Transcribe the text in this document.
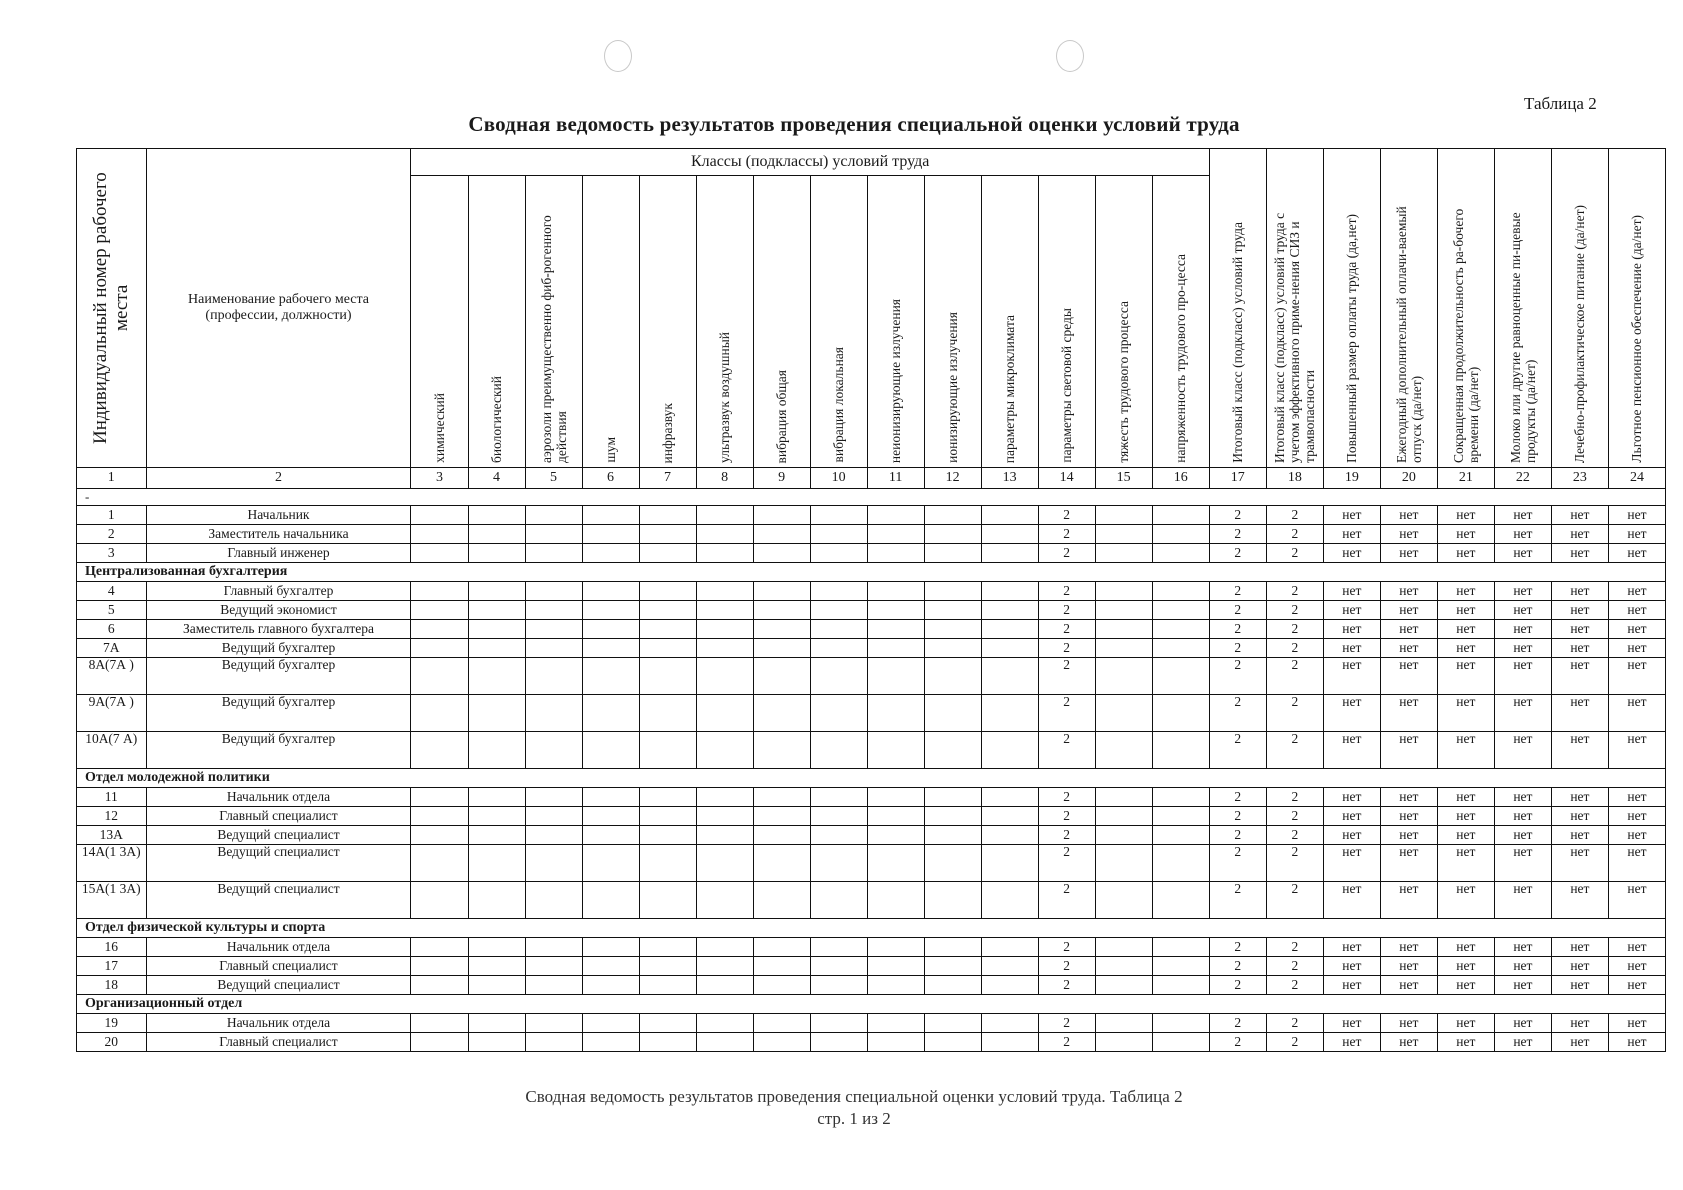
Таблица 2
Сводная ведомость результатов проведения специальной оценки условий труда
Индивидуальный номер рабочего места	Наименование рабочего места (профессии, должности)	Классы (подклассы) условий труда														Итоговый класс (подкласс) условий труда	Итоговый класс (подкласс) условий труда с учетом эффективного приме-нения СИЗ и трамвопасности	Повышенный размер оплаты труда (да,нет)	Ежегодный дополнительный оплачи-ваемый отпуск (да/нет)	Сокращенная продолжительность ра-бочего времени (да/нет)	Молоко или другие равноценные пи-щевые продукты (да/нет)	Лечебно-профилактическое питание (да/нет)	Льготное пенсионное обеспечение (да/нет)

		химический	биологический	аэрозоли преимущественно фиб-рогенного действия	шум	инфразвук	ультразвук воздушный	вибрация общая	вибрация локальная	неионизирующие излучения	ионизирующие излучения	параметры микроклимата	параметры световой среды	тяжесть трудового процесса	напряженность трудового про-цесса								

1	2	3	4	5	6	7	8	9	10	11	12	13	14	15	16	17	18	19	20	21	22	23	24
-																							
1	Начальник												2			2	2	нет	нет	нет	нет	нет	нет
2	Заместитель начальника												2			2	2	нет	нет	нет	нет	нет	нет
3	Главный инженер												2			2	2	нет	нет	нет	нет	нет	нет
Централизованная бухгалтерия																							
4	Главный бухгалтер												2			2	2	нет	нет	нет	нет	нет	нет
5	Ведущий экономист												2			2	2	нет	нет	нет	нет	нет	нет
6	Заместитель главного бухгалтера												2			2	2	нет	нет	нет	нет	нет	нет
7А	Ведущий бухгалтер												2			2	2	нет	нет	нет	нет	нет	нет
8А(7А )	Ведущий бухгалтер												2			2	2	нет	нет	нет	нет	нет	нет
9А(7А )	Ведущий бухгалтер												2			2	2	нет	нет	нет	нет	нет	нет
10А(7 А)	Ведущий бухгалтер												2			2	2	нет	нет	нет	нет	нет	нет
Отдел молодежной политики																							
11	Начальник отдела												2			2	2	нет	нет	нет	нет	нет	нет
12	Главный специалист												2			2	2	нет	нет	нет	нет	нет	нет
13А	Ведущий специалист												2			2	2	нет	нет	нет	нет	нет	нет
14А(1 3А)	Ведущий специалист												2			2	2	нет	нет	нет	нет	нет	нет
15А(1 3А)	Ведущий специалист												2			2	2	нет	нет	нет	нет	нет	нет
Отдел физической культуры и спорта																							
16	Начальник отдела												2			2	2	нет	нет	нет	нет	нет	нет
17	Главный специалист												2			2	2	нет	нет	нет	нет	нет	нет
18	Ведущий специалист												2			2	2	нет	нет	нет	нет	нет	нет
Организационный отдел																							
19	Начальник отдела												2			2	2	нет	нет	нет	нет	нет	нет
20	Главный специалист												2			2	2	нет	нет	нет	нет	нет	нет
Сводная ведомость результатов проведения специальной оценки условий труда. Таблица 2
стр. 1 из 2
